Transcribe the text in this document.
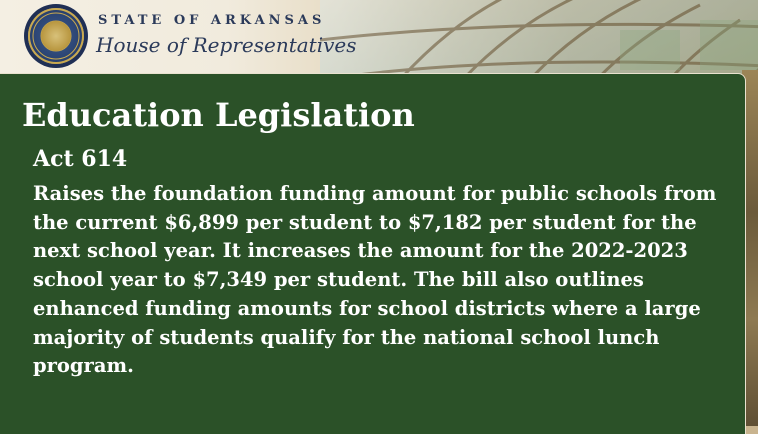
STATE OF ARKANSAS
House of Representatives
Education Legislation
Act 614
Raises the foundation funding amount for public schools from the current $6,899 per student to $7,182 per student for the next school year. It increases the amount for the 2022-2023 school year to $7,349 per student. The bill also outlines enhanced funding amounts for school districts where a large majority of students qualify for the national school lunch program.
